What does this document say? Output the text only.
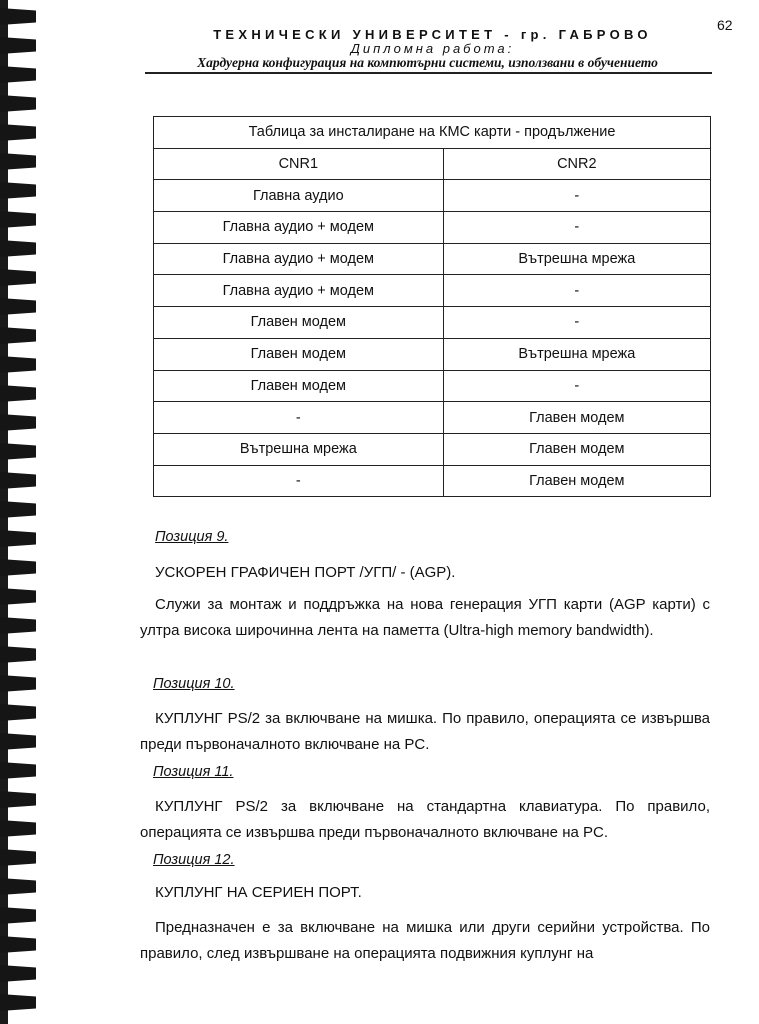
62
ТЕХНИЧЕСКИ УНИВЕРСИТЕТ - гр. ГАБРОВО
Дипломна работа:
Хардуерна конфигурация на компютърни системи, използвани в обучението
Таблица за инсталиране на КМС карти - продължение	
CNR1	CNR2
Главна аудио	-
Главна аудио + модем	-
Главна аудио + модем	Вътрешна мрежа
Главна аудио + модем	-
Главен модем	-
Главен модем	Вътрешна мрежа
Главен модем	-
-	Главен модем
Вътрешна мрежа	Главен модем
-	Главен модем
Позиция 9.
УСКОРЕН ГРАФИЧЕН ПОРТ /УГП/ - (AGP).
Служи за монтаж и поддръжка на нова генерация УГП карти (AGP карти) с ултра висока широчинна лента на паметта (Ultra-high memory bandwidth).
Позиция 10.
КУПЛУНГ PS/2 за включване на мишка. По правило, операцията се извършва преди първоначалното включване на PC.
Позиция 11.
КУПЛУНГ PS/2 за включване на стандартна клавиатура. По правило, операцията се извършва преди първоначалното включване на PC.
Позиция 12.
КУПЛУНГ НА СЕРИЕН ПОРТ.
Предназначен е за включване на мишка или други серийни устройства. По правило, след извършване на операцията подвижния куплунг на
